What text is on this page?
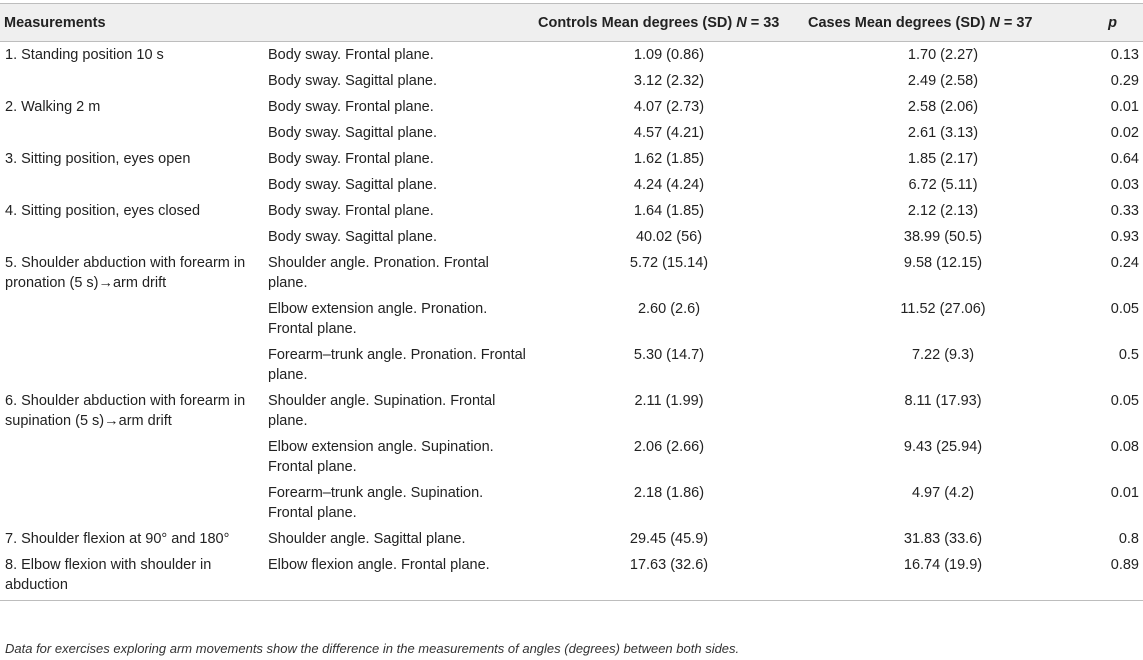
Measurements		Controls Mean degrees (SD) N = 33	Cases Mean degrees (SD) N = 37	p
1. Standing position 10 s	Body sway. Frontal plane.	1.09 (0.86)	1.70 (2.27)	0.13
	Body sway. Sagittal plane.	3.12 (2.32)	2.49 (2.58)	0.29
2. Walking 2 m	Body sway. Frontal plane.	4.07 (2.73)	2.58 (2.06)	0.01
	Body sway. Sagittal plane.	4.57 (4.21)	2.61 (3.13)	0.02
3. Sitting position, eyes open	Body sway. Frontal plane.	1.62 (1.85)	1.85 (2.17)	0.64
	Body sway. Sagittal plane.	4.24 (4.24)	6.72 (5.11)	0.03
4. Sitting position, eyes closed	Body sway. Frontal plane.	1.64 (1.85)	2.12 (2.13)	0.33
	Body sway. Sagittal plane.	40.02 (56)	38.99 (50.5)	0.93
5. Shoulder abduction with forearm in pronation (5 s)→arm drift	Shoulder angle. Pronation. Frontal plane.	5.72 (15.14)	9.58 (12.15)	0.24
	Elbow extension angle. Pronation. Frontal plane.	2.60 (2.6)	11.52 (27.06)	0.05
	Forearm–trunk angle. Pronation. Frontal plane.	5.30 (14.7)	7.22 (9.3)	0.5
6. Shoulder abduction with forearm in supination (5 s)→arm drift	Shoulder angle. Supination. Frontal plane.	2.11 (1.99)	8.11 (17.93)	0.05
	Elbow extension angle. Supination. Frontal plane.	2.06 (2.66)	9.43 (25.94)	0.08
	Forearm–trunk angle. Supination. Frontal plane.	2.18 (1.86)	4.97 (4.2)	0.01
7. Shoulder flexion at 90° and 180°	Shoulder angle. Sagittal plane.	29.45 (45.9)	31.83 (33.6)	0.8
8. Elbow flexion with shoulder in abduction	Elbow flexion angle. Frontal plane.	17.63 (32.6)	16.74 (19.9)	0.89
Data for exercises exploring arm movements show the difference in the measurements of angles (degrees) between both sides.
